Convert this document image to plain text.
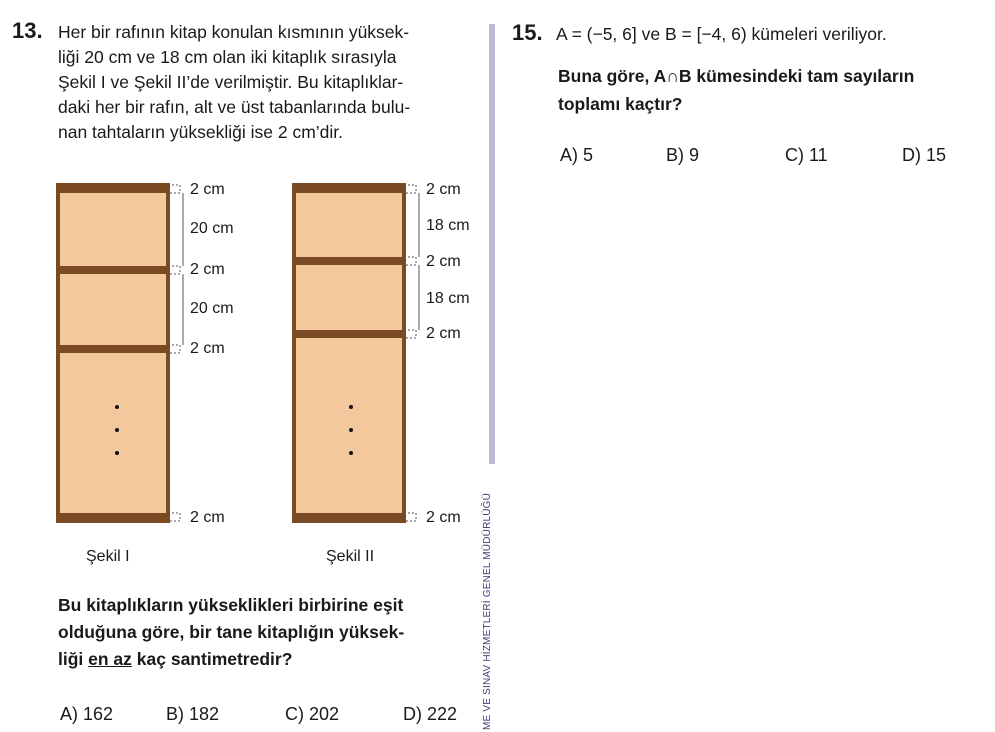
13. Her bir rafının kitap konulan kısmının yüksek-
liği 20 cm ve 18 cm olan iki kitaplık sırasıyla
Şekil I ve Şekil II’de verilmiştir. Bu kitaplıklar-
daki her bir rafın, alt ve üst tabanlarında bulu-
nan tahtaların yüksekliği ise 2 cm’dir.
2 cm
20 cm
2 cm
20 cm
2 cm
2 cm
Şekil I
2 cm
18 cm
2 cm
18 cm
2 cm
2 cm
Şekil II
Bu kitaplıkların yükseklikleri birbirine eşit
olduğuna göre, bir tane kitaplığın yüksek-
liği en az kaç santimetredir?
A) 162	B) 182	C) 202	D) 222 ME VE SINAV HİZMETLERİ GENEL MÜDÜRLÜĞÜ
15. A = (−5, 6] ve B = [−4, 6) kümeleri veriliyor.
Buna göre, A∩B kümesindeki tam sayıların
toplamı kaçtır?
A) 5	B) 9	C) 11	D) 15
